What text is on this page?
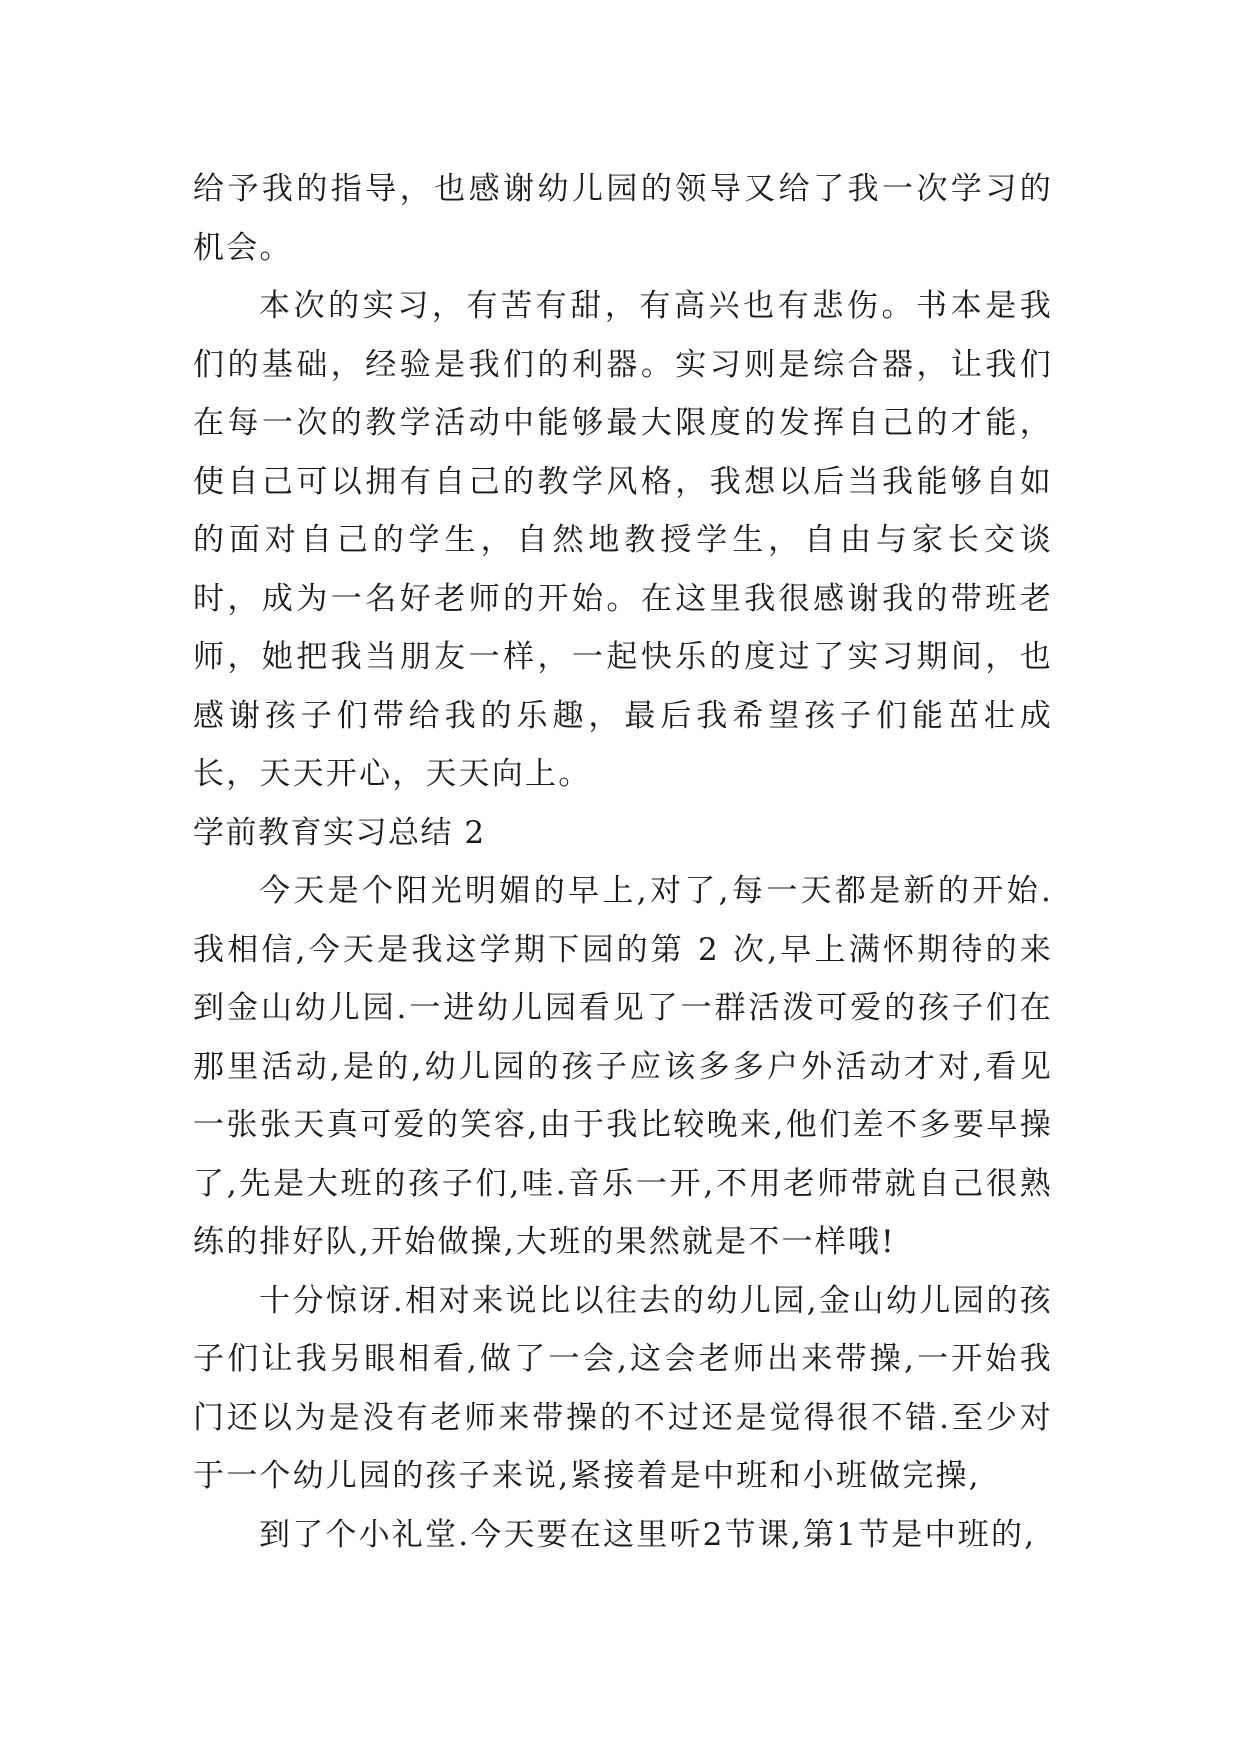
给予我的指导，也感谢幼儿园的领导又给了我一次学习的机会。

本次的实习，有苦有甜，有高兴也有悲伤。书本是我们的基础，经验是我们的利器。实习则是综合器，让我们在每一次的教学活动中能够最大限度的发挥自己的才能，使自己可以拥有自己的教学风格，我想以后当我能够自如的面对自己的学生，自然地教授学生，自由与家长交谈时，成为一名好老师的开始。在这里我很感谢我的带班老师，她把我当朋友一样，一起快乐的度过了实习期间，也感谢孩子们带给我的乐趣，最后我希望孩子们能茁壮成长，天天开心，天天向上。

学前教育实习总结 2

今天是个阳光明媚的早上,对了,每一天都是新的开始.我相信,今天是我这学期下园的第 2 次,早上满怀期待的来到金山幼儿园.一进幼儿园看见了一群活泼可爱的孩子们在那里活动,是的,幼儿园的孩子应该多多户外活动才对,看见一张张天真可爱的笑容,由于我比较晚来,他们差不多要早操了,先是大班的孩子们,哇.音乐一开,不用老师带就自己很熟练的排好队,开始做操,大班的果然就是不一样哦!

十分惊讶.相对来说比以往去的幼儿园,金山幼儿园的孩子们让我另眼相看,做了一会,这会老师出来带操,一开始我门还以为是没有老师来带操的不过还是觉得很不错.至少对于一个幼儿园的孩子来说,紧接着是中班和小班做完操,

到了个小礼堂.今天要在这里听2节课,第1节是中班的,
